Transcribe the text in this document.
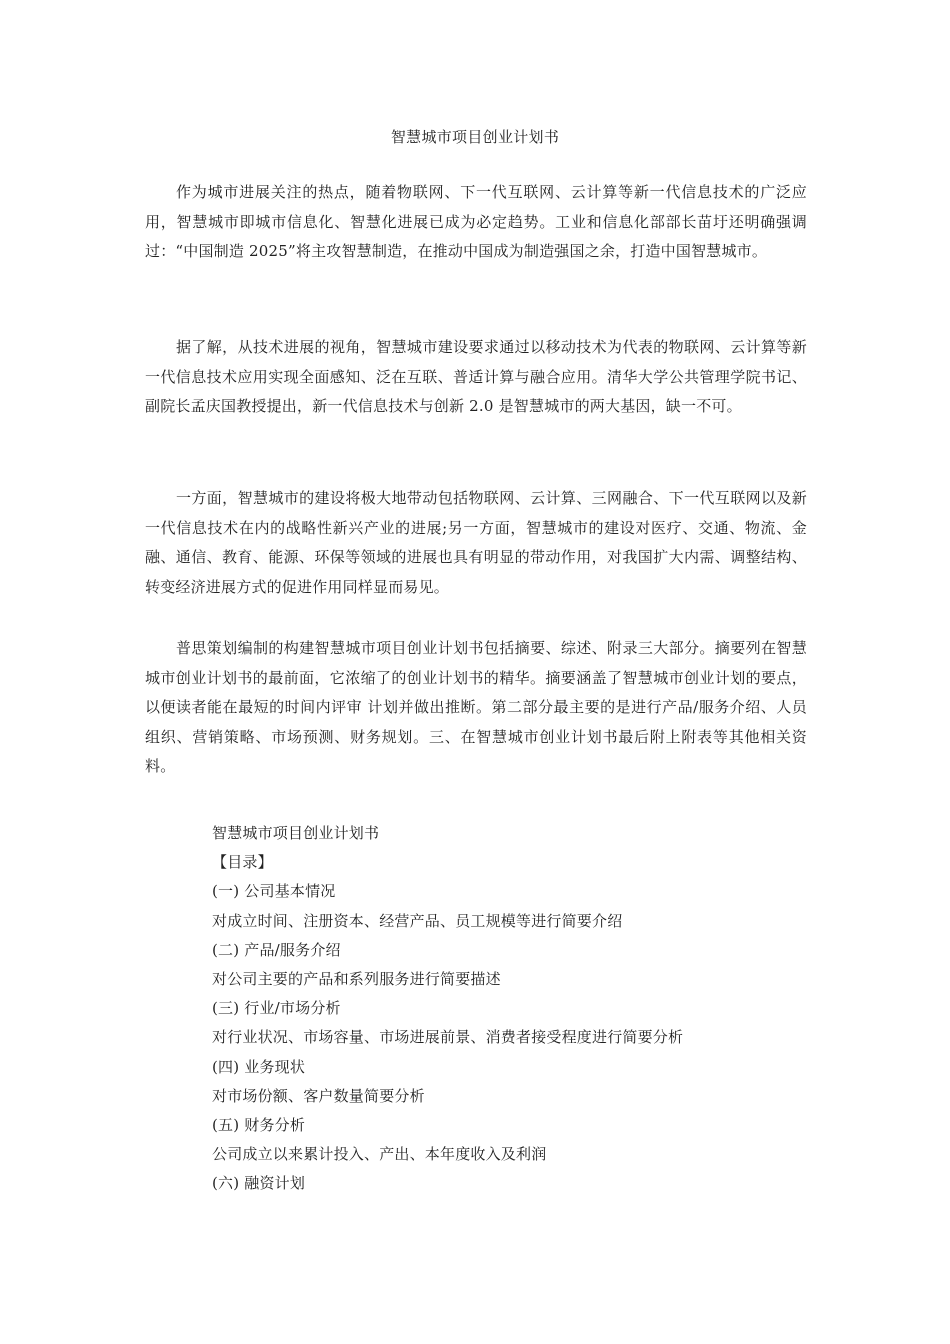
智慧城市项目创业计划书

作为城市进展关注的热点，随着物联网、下一代互联网、云计算等新一代信息技术的广泛应用，智慧城市即城市信息化、智慧化进展已成为必定趋势。工业和信息化部部长苗圩还明确强调过：“中国制造 2025”将主攻智慧制造，在推动中国成为制造强国之余，打造中国智慧城市。

据了解，从技术进展的视角，智慧城市建设要求通过以移动技术为代表的物联网、云计算等新一代信息技术应用实现全面感知、泛在互联、普适计算与融合应用。清华大学公共管理学院书记、副院长孟庆国教授提出，新一代信息技术与创新 2.0 是智慧城市的两大基因，缺一不可。

一方面，智慧城市的建设将极大地带动包括物联网、云计算、三网融合、下一代互联网以及新一代信息技术在内的战略性新兴产业的进展;另一方面，智慧城市的建设对医疗、交通、物流、金融、通信、教育、能源、环保等领域的进展也具有明显的带动作用，对我国扩大内需、调整结构、转变经济进展方式的促进作用同样显而易见。

普思策划编制的构建智慧城市项目创业计划书包括摘要、综述、附录三大部分。摘要列在智慧城市创业计划书的最前面，它浓缩了的创业计划书的精华。摘要涵盖了智慧城市创业计划的要点，以便读者能在最短的时间内评审 计划并做出推断。第二部分最主要的是进行产品/服务介绍、人员组织、营销策略、市场预测、财务规划。三、在智慧城市创业计划书最后附上附表等其他相关资料。

智慧城市项目创业计划书
【目录】
(一) 公司基本情况
对成立时间、注册资本、经营产品、员工规模等进行简要介绍
(二) 产品/服务介绍
对公司主要的产品和系列服务进行简要描述
(三) 行业/市场分析
对行业状况、市场容量、市场进展前景、消费者接受程度进行简要分析
(四) 业务现状
对市场份额、客户数量简要分析
(五) 财务分析
公司成立以来累计投入、产出、本年度收入及利润
(六) 融资计划
